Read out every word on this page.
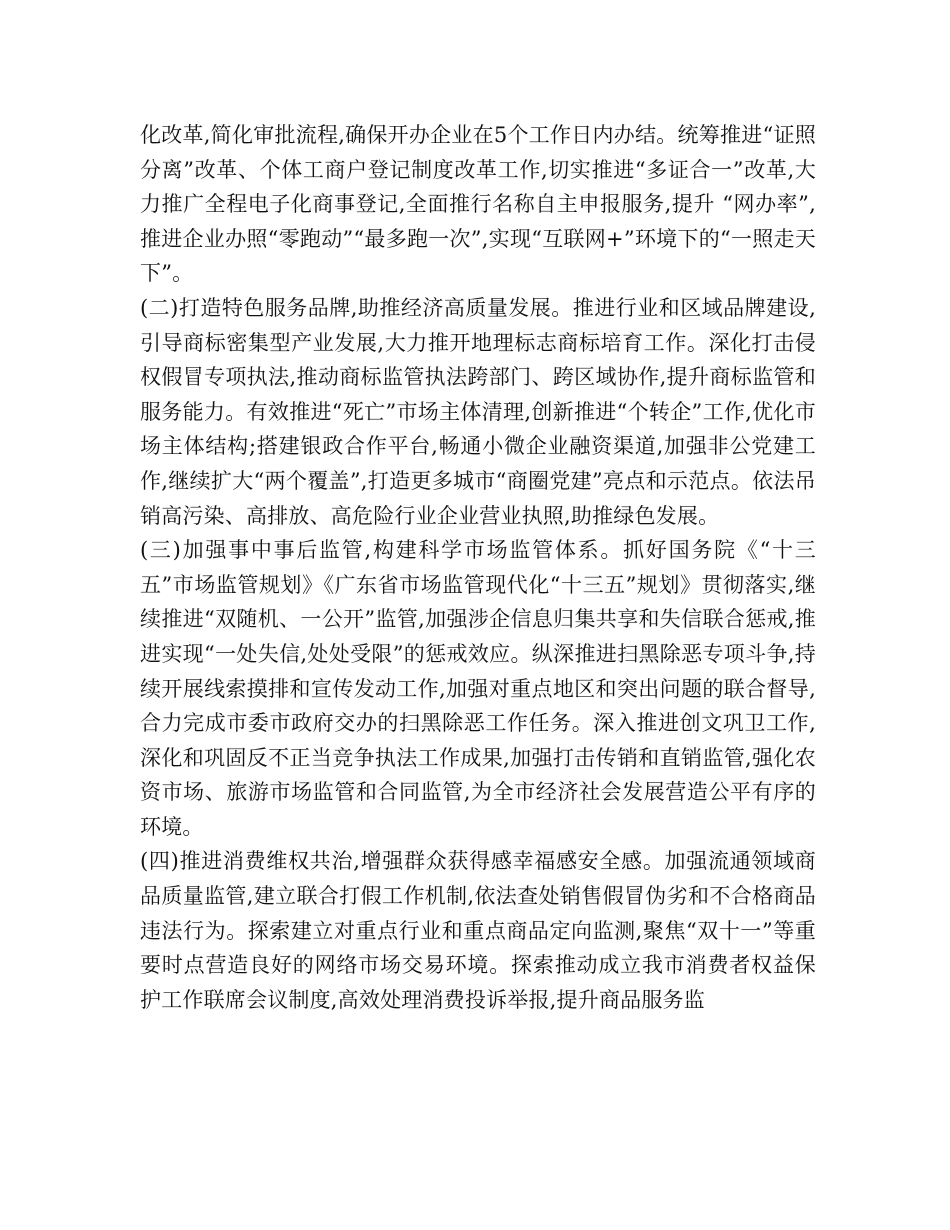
化改革,简化审批流程,确保开办企业在5个工作日内办结。统筹推进“证照分离”改革、个体工商户登记制度改革工作,切实推进“多证合一”改革,大力推广全程电子化商事登记,全面推行名称自主申报服务,提升 “网办率”,推进企业办照“零跑动”“最多跑一次”,实现“互联网+”环境下的“一照走天下”。

(二)打造特色服务品牌,助推经济高质量发展。推进行业和区域品牌建设,引导商标密集型产业发展,大力推开地理标志商标培育工作。深化打击侵权假冒专项执法,推动商标监管执法跨部门、跨区域协作,提升商标监管和服务能力。有效推进“死亡”市场主体清理,创新推进“个转企”工作,优化市场主体结构;搭建银政合作平台,畅通小微企业融资渠道,加强非公党建工作,继续扩大“两个覆盖”,打造更多城市“商圈党建”亮点和示范点。依法吊销高污染、高排放、高危险行业企业营业执照,助推绿色发展。

(三)加强事中事后监管,构建科学市场监管体系。抓好国务院《“十三五”市场监管规划》《广东省市场监管现代化“十三五”规划》贯彻落实,继续推进“双随机、一公开”监管,加强涉企信息归集共享和失信联合惩戒,推进实现“一处失信,处处受限”的惩戒效应。纵深推进扫黑除恶专项斗争,持续开展线索摸排和宣传发动工作,加强对重点地区和突出问题的联合督导,合力完成市委市政府交办的扫黑除恶工作任务。深入推进创文巩卫工作,深化和巩固反不正当竞争执法工作成果,加强打击传销和直销监管,强化农资市场、旅游市场监管和合同监管,为全市经济社会发展营造公平有序的环境。

(四)推进消费维权共治,增强群众获得感幸福感安全感。加强流通领域商品质量监管,建立联合打假工作机制,依法查处销售假冒伪劣和不合格商品违法行为。探索建立对重点行业和重点商品定向监测,聚焦“双十一”等重要时点营造良好的网络市场交易环境。探索推动成立我市消费者权益保护工作联席会议制度,高效处理消费投诉举报,提升商品服务监
